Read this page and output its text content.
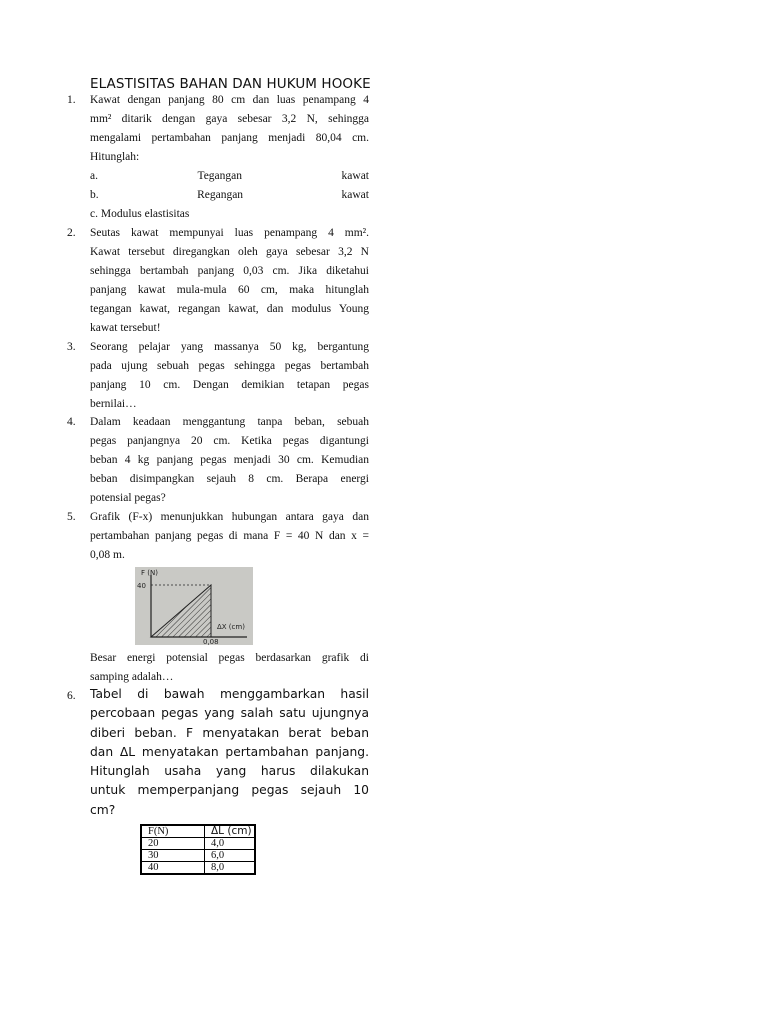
ELASTISITAS BAHAN DAN HUKUM HOOKE
1. Kawat dengan panjang 80 cm dan luas penampang 4
mm² ditarik dengan gaya sebesar 3,2 N, sehingga
mengalami pertambahan panjang menjadi 80,04 cm.
Hitunglah:
a.	Tegangan	kawat
b.	Regangan	kawat
c. Modulus elastisitas
2. Seutas kawat mempunyai luas penampang 4 mm².
Kawat tersebut diregangkan oleh gaya sebesar 3,2 N
sehingga bertambah panjang 0,03 cm. Jika diketahui
panjang kawat mula-mula 60 cm, maka hitunglah
tegangan kawat, regangan kawat, dan modulus Young
kawat tersebut!
3. Seorang pelajar yang massanya 50 kg, bergantung
pada ujung sebuah pegas sehingga pegas bertambah
panjang 10 cm. Dengan demikian tetapan pegas
bernilai…
4. Dalam keadaan menggantung tanpa beban, sebuah
pegas panjangnya 20 cm. Ketika pegas digantungi
beban 4 kg panjang pegas menjadi 30 cm. Kemudian
beban disimpangkan sejauh 8 cm. Berapa energi
potensial pegas?
5. Grafik (F-x) menunjukkan hubungan antara gaya dan
pertambahan panjang pegas di mana F = 40 N dan x =
0,08 m.
F (N)
40
ΔX (cm)
0,08
Besar energi potensial pegas berdasarkan grafik di
samping adalah…
6. Tabel di bawah menggambarkan hasil
percobaan pegas yang salah satu ujungnya
diberi beban. F menyatakan berat beban
dan ΔL menyatakan pertambahan panjang.
Hitunglah usaha yang harus dilakukan
untuk memperpanjang pegas sejauh 10
cm?
F(N)	ΔL (cm)
20	4,0
30	6,0
40	8,0
